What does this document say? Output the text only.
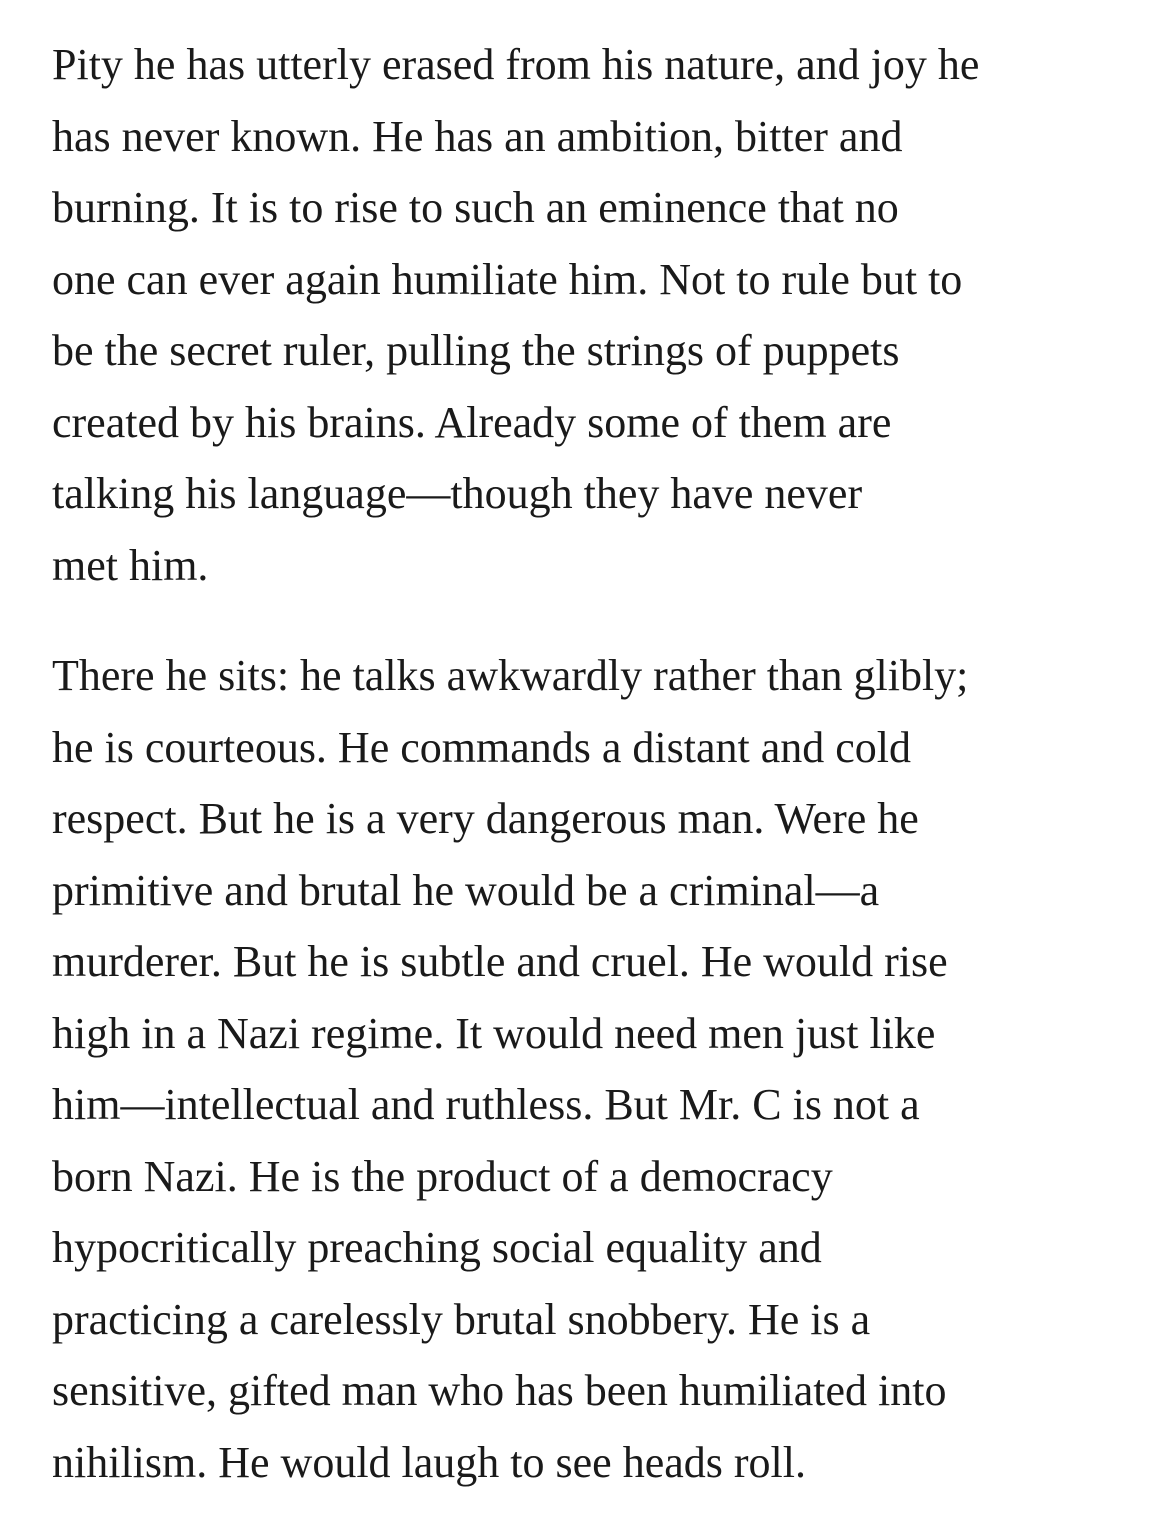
Pity he has utterly erased from his nature, and joy he
has never known. He has an ambition, bitter and
burning. It is to rise to such an eminence that no
one can ever again humiliate him. Not to rule but to
be the secret ruler, pulling the strings of puppets
created by his brains. Already some of them are
talking his language—though they have never
met him.

There he sits: he talks awkwardly rather than glibly;
he is courteous. He commands a distant and cold
respect. But he is a very dangerous man. Were he
primitive and brutal he would be a criminal—a
murderer. But he is subtle and cruel. He would rise
high in a Nazi regime. It would need men just like
him—intellectual and ruthless. But Mr. C is not a
born Nazi. He is the product of a democracy
hypocritically preaching social equality and
practicing a carelessly brutal snobbery. He is a
sensitive, gifted man who has been humiliated into
nihilism. He would laugh to see heads roll.
